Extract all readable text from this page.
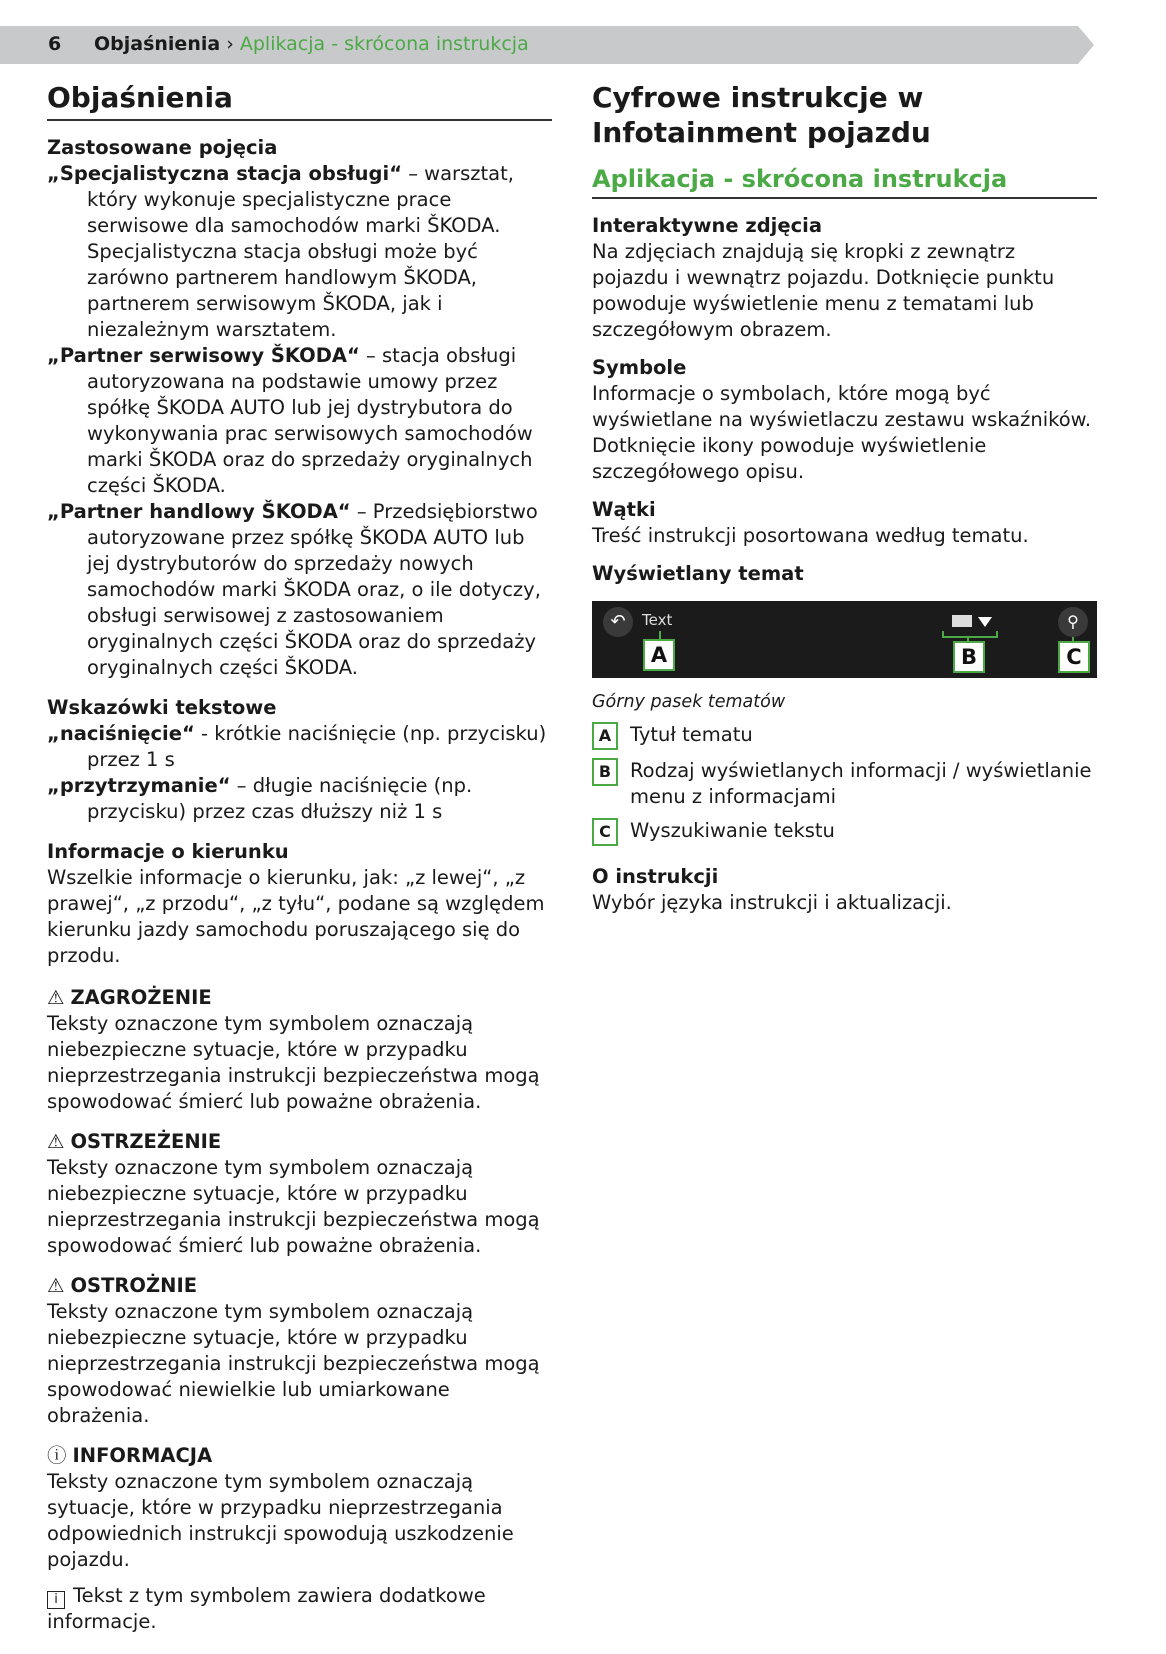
6 Objaśnienia › Aplikacja - skrócona instrukcja
Objaśnienia
Zastosowane pojęcia
„Specjalistyczna stacja obsługi“ – warsztat, który wykonuje specjalistyczne prace serwisowe dla samochodów marki ŠKODA. Specjalistyczna stacja obsługi może być zarówno partnerem handlowym ŠKODA, partnerem serwisowym ŠKODA, jak i niezależnym warsztatem.
„Partner serwisowy ŠKODA“ – stacja obsługi autoryzowana na podstawie umowy przez spółkę ŠKODA AUTO lub jej dystrybutora do wykonywania prac serwisowych samochodów marki ŠKODA oraz do sprzedaży oryginalnych części ŠKODA.
„Partner handlowy ŠKODA“ – Przedsiębiorstwo autoryzowane przez spółkę ŠKODA AUTO lub jej dystrybutorów do sprzedaży nowych samochodów marki ŠKODA oraz, o ile dotyczy, obsługi serwisowej z zastosowaniem oryginalnych części ŠKODA oraz do sprzedaży oryginalnych części ŠKODA.
Wskazówki tekstowe
„naciśnięcie“ - krótkie naciśnięcie (np. przycisku) przez 1 s
„przytrzymanie“ – długie naciśnięcie (np. przycisku) przez czas dłuższy niż 1 s
Informacje o kierunku

Wszelkie informacje o kierunku, jak: „z lewej“, „z prawej“, „z przodu“, „z tyłu“, podane są względem kierunku jazdy samochodu poruszającego się do przodu.

⚠ ZAGROŻENIE

Teksty oznaczone tym symbolem oznaczają niebezpieczne sytuacje, które w przypadku nieprzestrzegania instrukcji bezpieczeństwa mogą spowodować śmierć lub poważne obrażenia.

⚠ OSTRZEŻENIE

Teksty oznaczone tym symbolem oznaczają niebezpieczne sytuacje, które w przypadku nieprzestrzegania instrukcji bezpieczeństwa mogą spowodować śmierć lub poważne obrażenia.

⚠ OSTROŻNIE

Teksty oznaczone tym symbolem oznaczają niebezpieczne sytuacje, które w przypadku nieprzestrzegania instrukcji bezpieczeństwa mogą spowodować niewielkie lub umiarkowane obrażenia.

ⓘ INFORMACJA

Teksty oznaczone tym symbolem oznaczają sytuacje, które w przypadku nieprzestrzegania odpowiednich instrukcji spowodują uszkodzenie pojazdu.

i Tekst z tym symbolem zawiera dodatkowe informacje.

Cyfrowe instrukcje w Infotainment pojazdu
Aplikacja - skrócona instrukcja
Interaktywne zdjęcia

Na zdjęciach znajdują się kropki z zewnątrz pojazdu i wewnątrz pojazdu. Dotknięcie punktu powoduje wyświetlenie menu z tematami lub szczegółowym obrazem.

Symbole

Informacje o symbolach, które mogą być wyświetlane na wyświetlaczu zestawu wskaźników. Dotknięcie ikony powoduje wyświetlenie szczegółowego opisu.

Wątki

Treść instrukcji posortowana według tematu.

Wyświetlany temat
↶	Text
A	B
⚲
C
Górny pasek tematów
A Tytuł tematu
B Rodzaj wyświetlanych informacji / wyświetlanie menu z informacjami
C Wyszukiwanie tekstu
O instrukcji

Wybór języka instrukcji i aktualizacji.
